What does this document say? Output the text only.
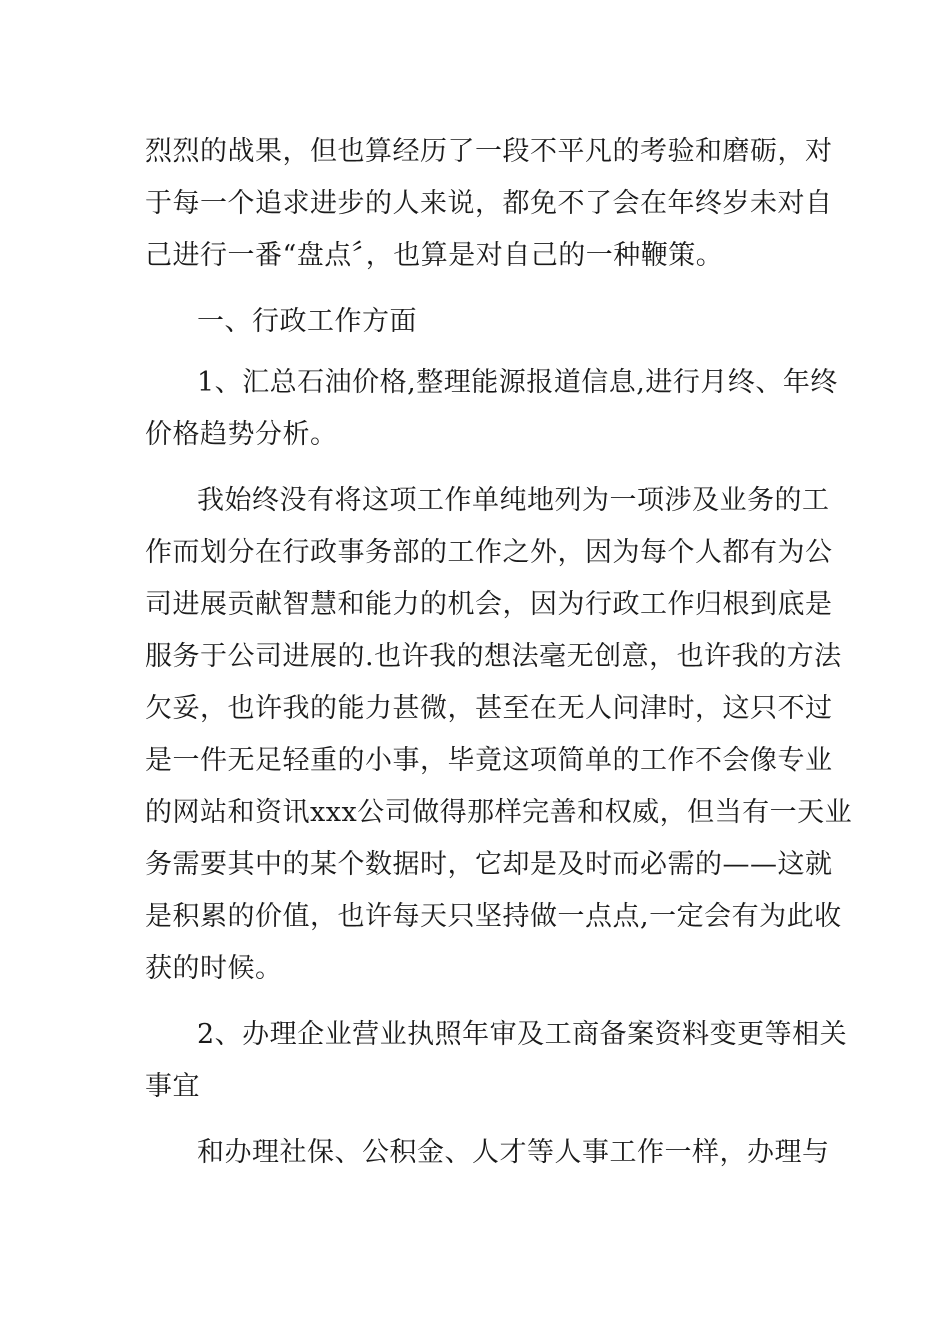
烈烈的战果，但也算经历了一段不平凡的考验和磨砺，对
于每一个追求进步的人来说，都免不了会在年终岁未对自
己进行一番“盘点〞，也算是对自己的一种鞭策。
一、行政工作方面
1、汇总石油价格,整理能源报道信息,进行月终、年终
价格趋势分析。
我始终没有将这项工作单纯地列为一项涉及业务的工
作而划分在行政事务部的工作之外，因为每个人都有为公
司进展贡献智慧和能力的机会，因为行政工作归根到底是
服务于公司进展的.也许我的想法毫无创意，也许我的方法
欠妥，也许我的能力甚微，甚至在无人问津时，这只不过
是一件无足轻重的小事，毕竟这项简单的工作不会像专业
的网站和资讯xxx公司做得那样完善和权威，但当有一天业
务需要其中的某个数据时，它却是及时而必需的——这就
是积累的价值，也许每天只坚持做一点点,一定会有为此收
获的时候。
2、办理企业营业执照年审及工商备案资料变更等相关
事宜
和办理社保、公积金、人才等人事工作一样，办理与
